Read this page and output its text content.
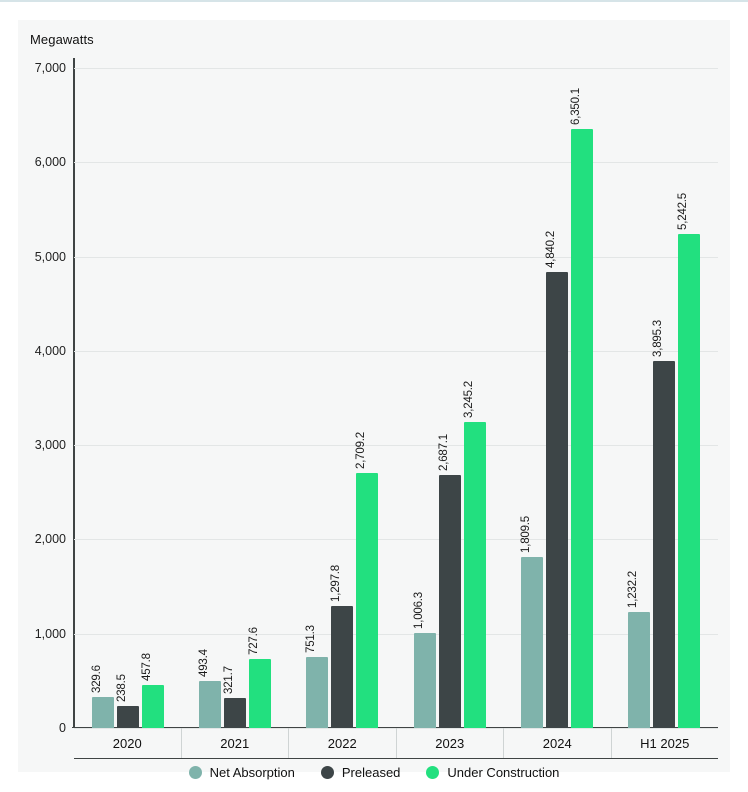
Megawatts
0
1,000
2,000
3,000
4,000
5,000
6,000
7,000
329.6 238.5
457.8	493.4
321.7
727.6	751.3
1,297.8
2,709.2
1,006.3
2,687.1
3,245.2
1,809.5
4,840.2
6,350.1
1,232.2
3,895.3
5,242.5
2020	2021	2022	2023	2024	H1 2025
Net Absorption	Preleased	Under Construction
